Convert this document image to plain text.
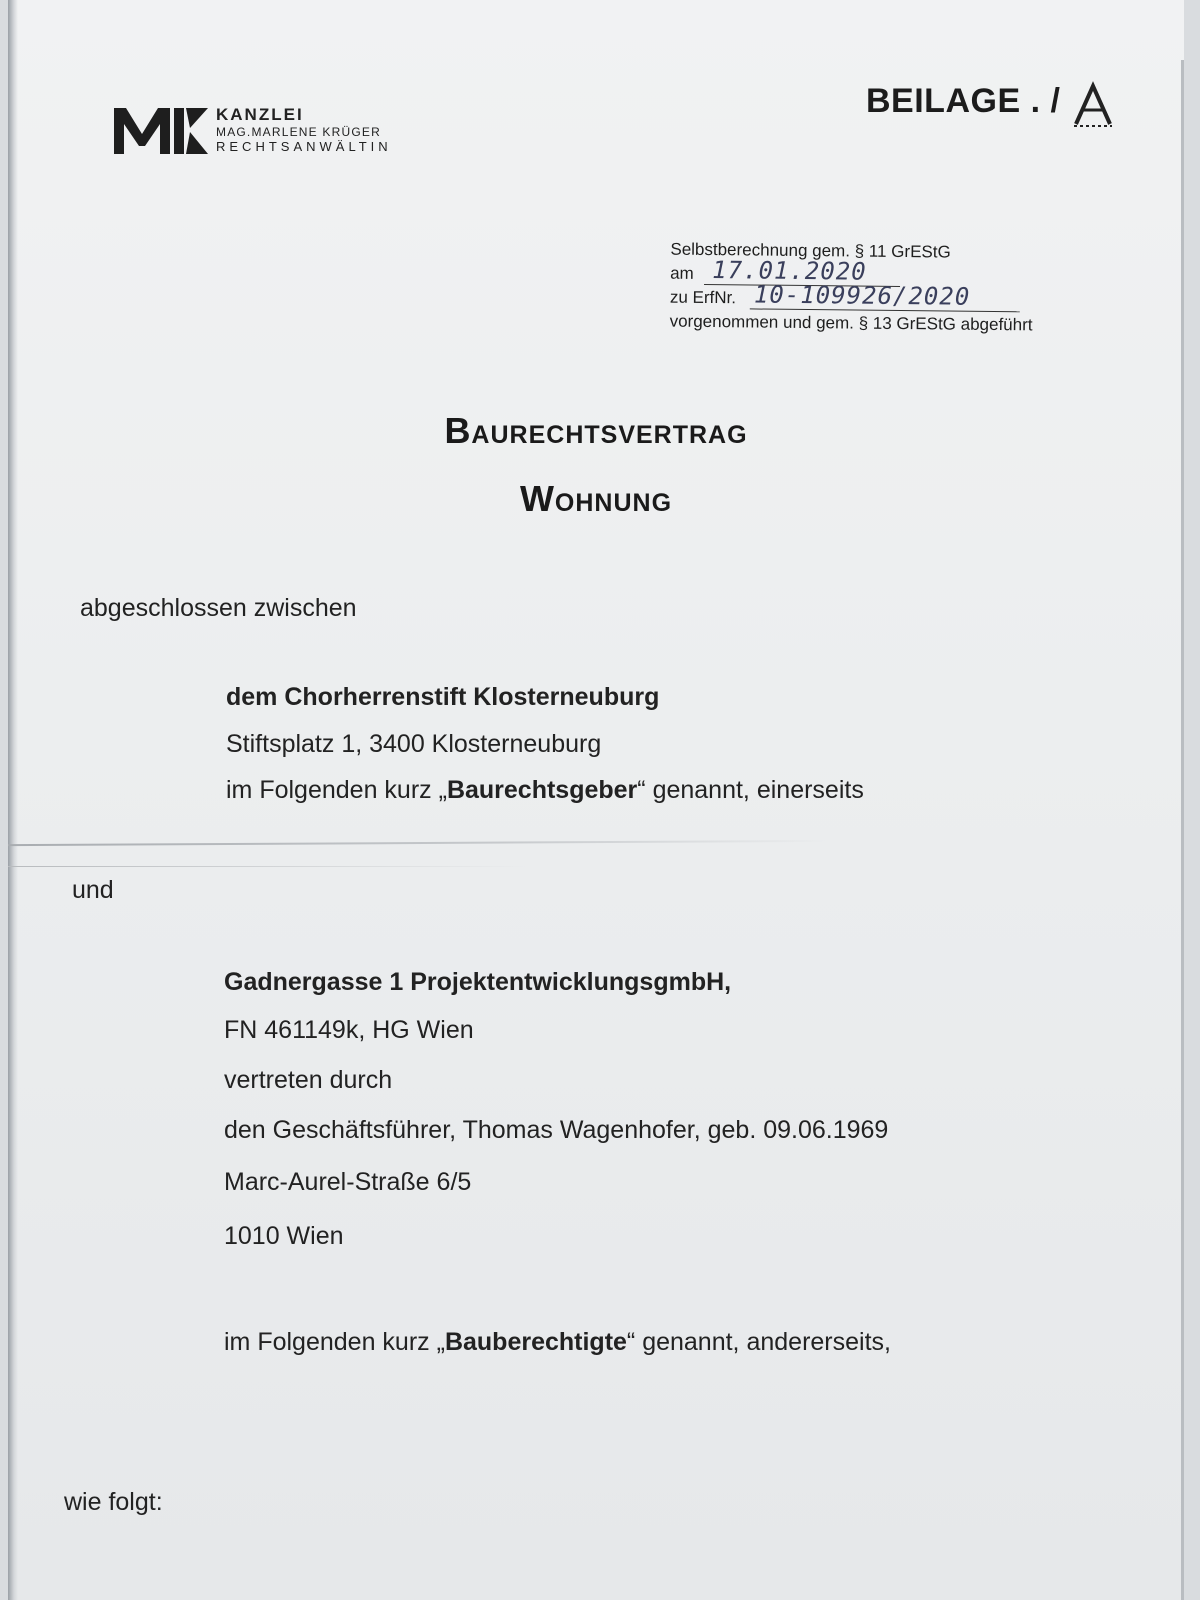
KANZLEI
MAG.MARLENE KRÜGER
RECHTSANWÄLTIN
BEILAGE . /
Selbstberechnung gem. § 11 GrEStG
am 17.01.2020
zu ErfNr. 10-109926/2020
vorgenommen und gem. § 13 GrEStG abgeführt
Baurechtsvertrag
Wohnung
abgeschlossen zwischen
dem Chorherrenstift Klosterneuburg
Stiftsplatz 1, 3400 Klosterneuburg
im Folgenden kurz „Baurechtsgeber“ genannt, einerseits
und
Gadnergasse 1 ProjektentwicklungsgmbH,
FN 461149k, HG Wien
vertreten durch
den Geschäftsführer, Thomas Wagenhofer, geb. 09.06.1969
Marc-Aurel-Straße 6/5
1010 Wien
im Folgenden kurz „Bauberechtigte“ genannt, andererseits,
wie folgt:
